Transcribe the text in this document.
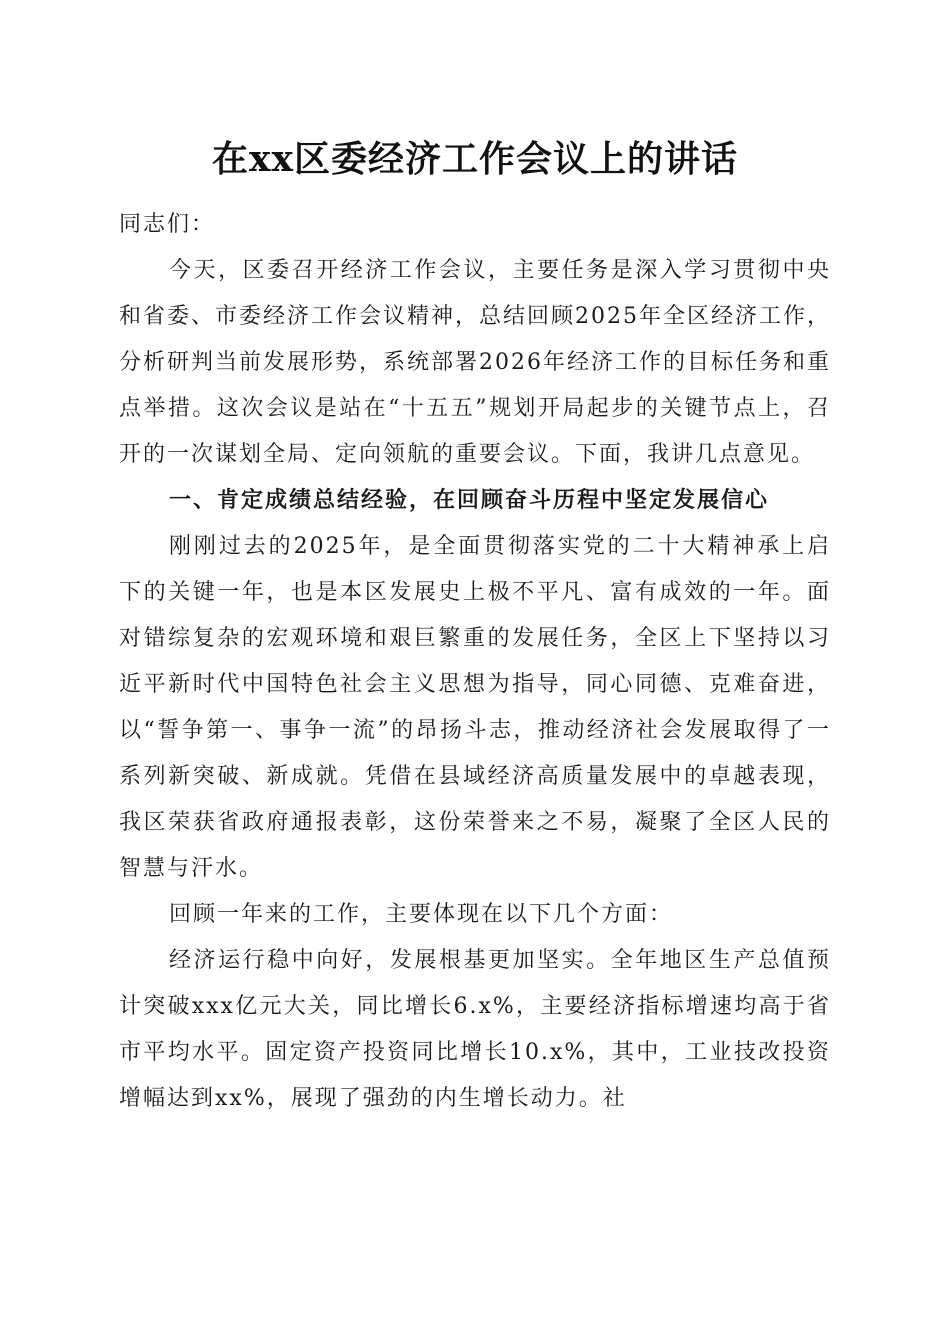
在xx区委经济工作会议上的讲话

同志们：

今天，区委召开经济工作会议，主要任务是深入学习贯彻中央和省委、市委经济工作会议精神，总结回顾2025年全区经济工作，分析研判当前发展形势，系统部署2026年经济工作的目标任务和重点举措。这次会议是站在“十五五”规划开局起步的关键节点上，召开的一次谋划全局、定向领航的重要会议。下面，我讲几点意见。

一、肯定成绩总结经验，在回顾奋斗历程中坚定发展信心

刚刚过去的2025年，是全面贯彻落实党的二十大精神承上启下的关键一年，也是本区发展史上极不平凡、富有成效的一年。面对错综复杂的宏观环境和艰巨繁重的发展任务，全区上下坚持以习近平新时代中国特色社会主义思想为指导，同心同德、克难奋进，以“誓争第一、事争一流”的昂扬斗志，推动经济社会发展取得了一系列新突破、新成就。凭借在县域经济高质量发展中的卓越表现，我区荣获省政府通报表彰，这份荣誉来之不易，凝聚了全区人民的智慧与汗水。

回顾一年来的工作，主要体现在以下几个方面：

经济运行稳中向好，发展根基更加坚实。全年地区生产总值预计突破xxx亿元大关，同比增长6.x%，主要经济指标增速均高于省市平均水平。固定资产投资同比增长10.x%，其中，工业技改投资增幅达到xx%，展现了强劲的内生增长动力。社
